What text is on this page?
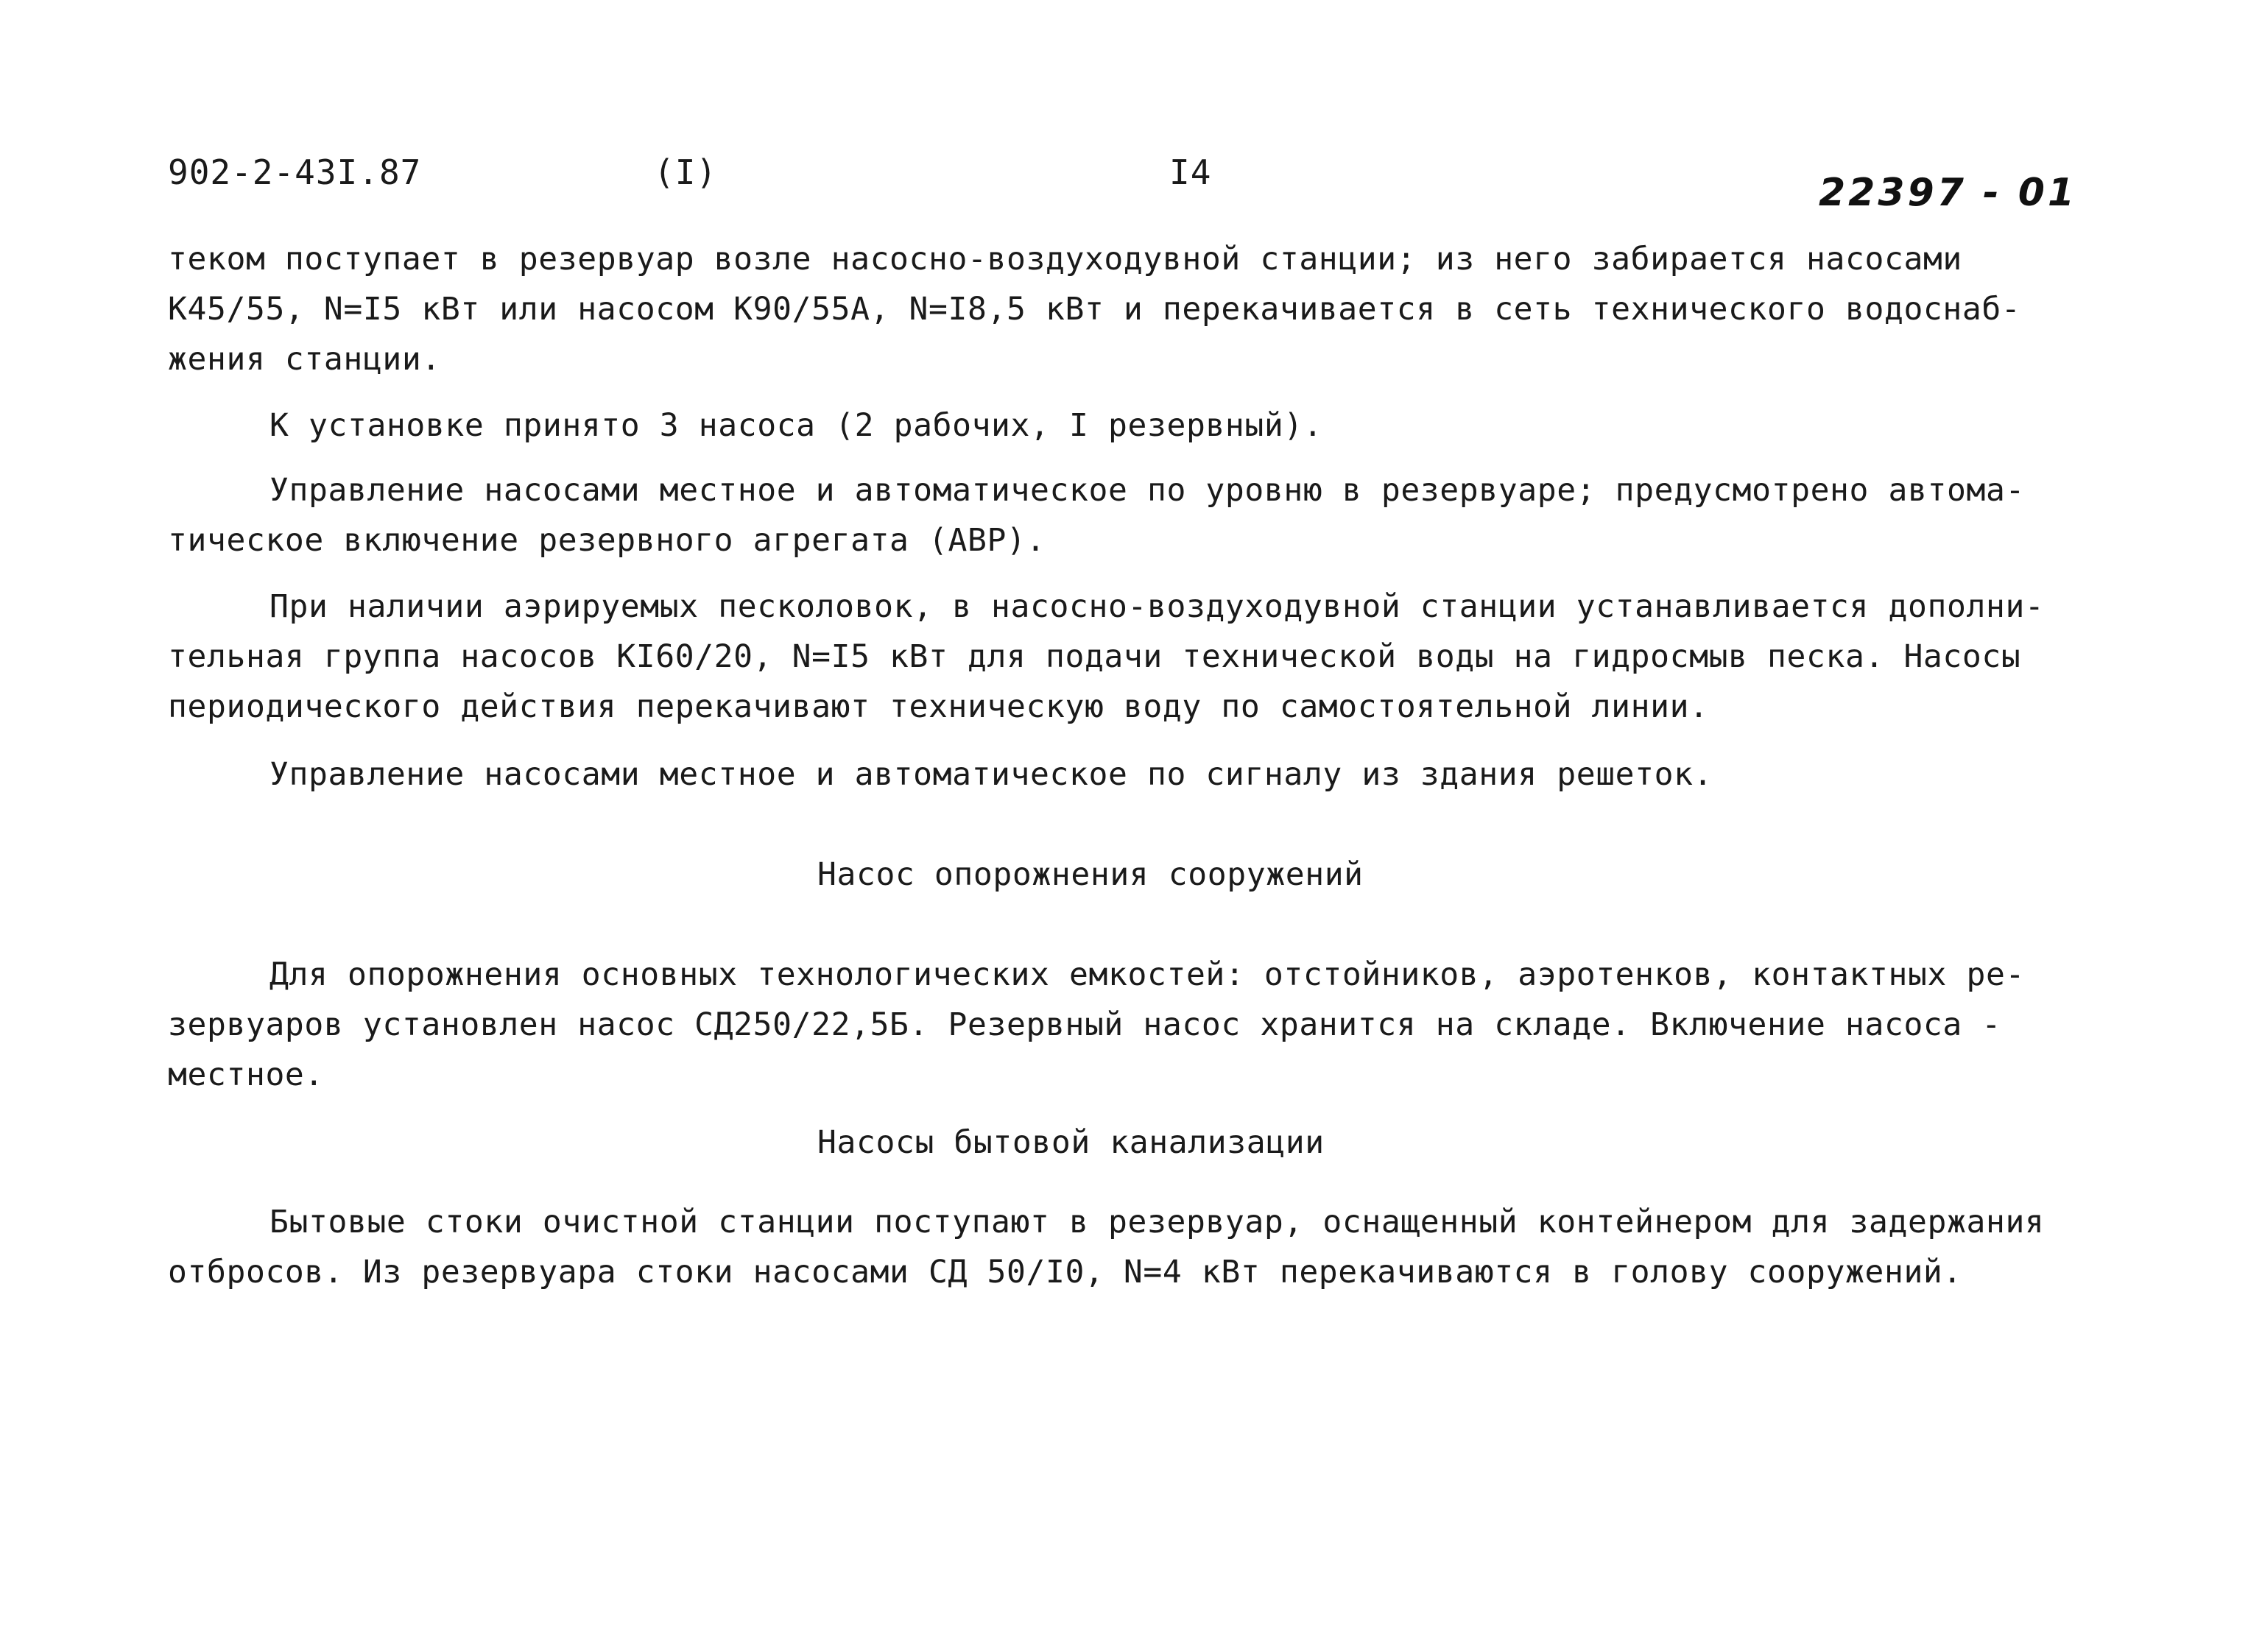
902-2-43I.87	(I)	I4	22397 - 01

теком поступает в резервуар возле насосно-воздуходувной станции; из него забирается насосами
К45/55, N=I5 кВт или насосом К90/55А, N=I8,5 кВт и перекачивается в сеть технического водоснаб-
жения станции.

К установке принято 3 насоса (2 рабочих, I резервный).

Управление насосами местное и автоматическое по уровню в резервуаре; предусмотрено автома-
тическое включение резервного агрегата (АВР).

При наличии аэрируемых песколовок, в насосно-воздуходувной станции устанавливается дополни-
тельная группа насосов КI60/20, N=I5 кВт для подачи технической воды на гидросмыв песка. Насосы
периодического действия перекачивают техническую воду по самостоятельной линии.

Управление насосами местное и автоматическое по сигналу из здания решеток.

Насос опорожнения сооружений

Для опорожнения основных технологических емкостей: отстойников, аэротенков, контактных ре-
зервуаров установлен насос СД250/22,5Б. Резервный насос хранится на складе. Включение насоса -
местное.

Насосы бытовой канализации

Бытовые стоки очистной станции поступают в резервуар, оснащенный контейнером для задержания
отбросов. Из резервуара стоки насосами СД 50/I0, N=4 кВт перекачиваются в голову сооружений.
